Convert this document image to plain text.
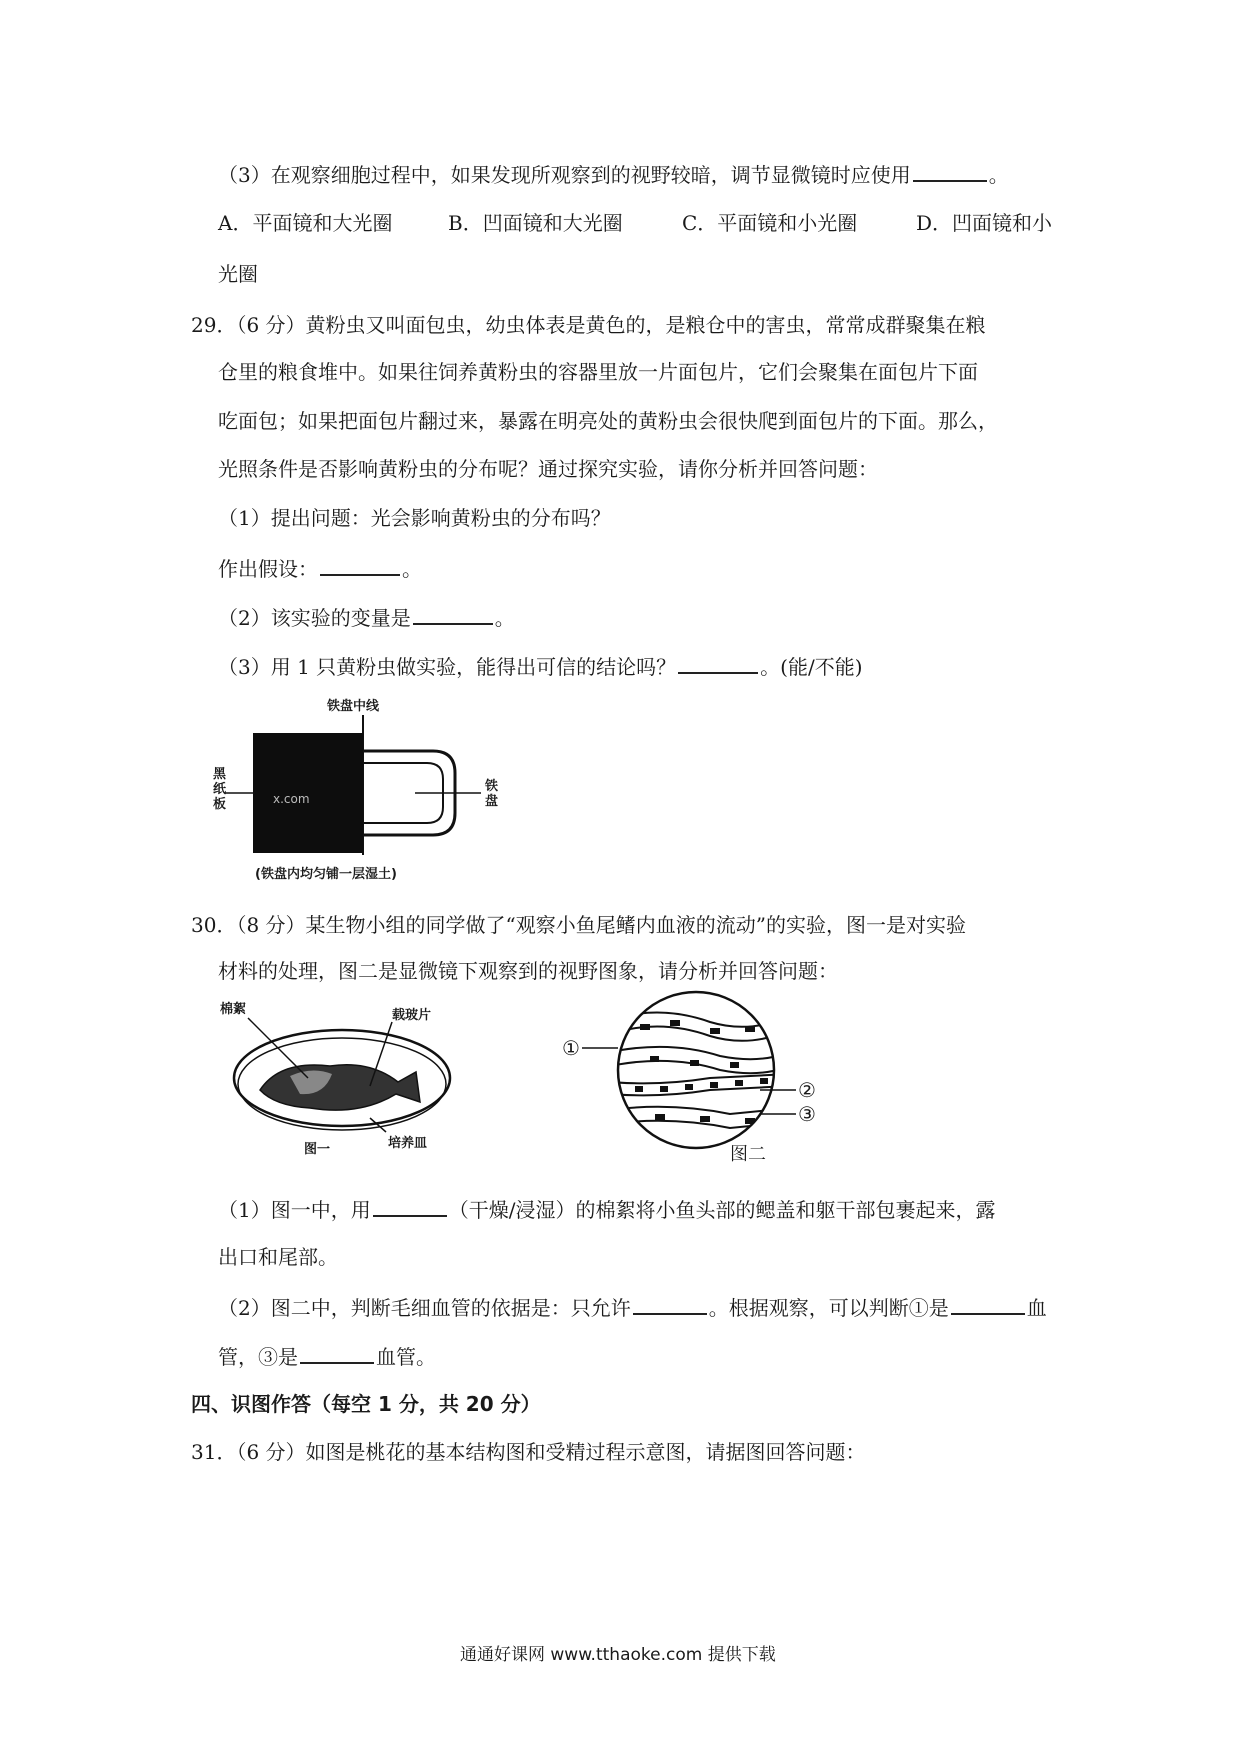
（3）在观察细胞过程中，如果发现所观察到的视野较暗，调节显微镜时应使用	。
A．平面镜和大光圈	B．凹面镜和大光圈	C．平面镜和小光圈	D．凹面镜和小
光圈
29．（6 分）黄粉虫又叫面包虫，幼虫体表是黄色的，是粮仓中的害虫，常常成群聚集在粮
仓里的粮食堆中。如果往饲养黄粉虫的容器里放一片面包片，它们会聚集在面包片下面
吃面包；如果把面包片翻过来，暴露在明亮处的黄粉虫会很快爬到面包片的下面。那么，
光照条件是否影响黄粉虫的分布呢？通过探究实验，请你分析并回答问题：
（1）提出问题：光会影响黄粉虫的分布吗？
作出假设：	。
（2）该实验的变量是	。
（3）用 1 只黄粉虫做实验，能得出可信的结论吗？	。(能/不能)
x.com
铁盘中线
黑纸板
铁盘
(铁盘内均匀铺一层湿土)
30．（8 分）某生物小组的同学做了“观察小鱼尾鳍内血液的流动”的实验，图一是对实验
材料的处理，图二是显微镜下观察到的视野图象，请分析并回答问题：
棉絮	载玻片
培养皿
图一
①
②
③
图二
（1）图一中，用	（干燥/浸湿）的棉絮将小鱼头部的鳃盖和躯干部包裹起来，露
出口和尾部。
（2）图二中，判断毛细血管的依据是：只允许	。根据观察，可以判断①是	血
管，③是	血管。
四、识图作答（每空 1 分，共 20 分）
31．（6 分）如图是桃花的基本结构图和受精过程示意图，请据图回答问题：
通通好课网 www.tthaoke.com 提供下载
